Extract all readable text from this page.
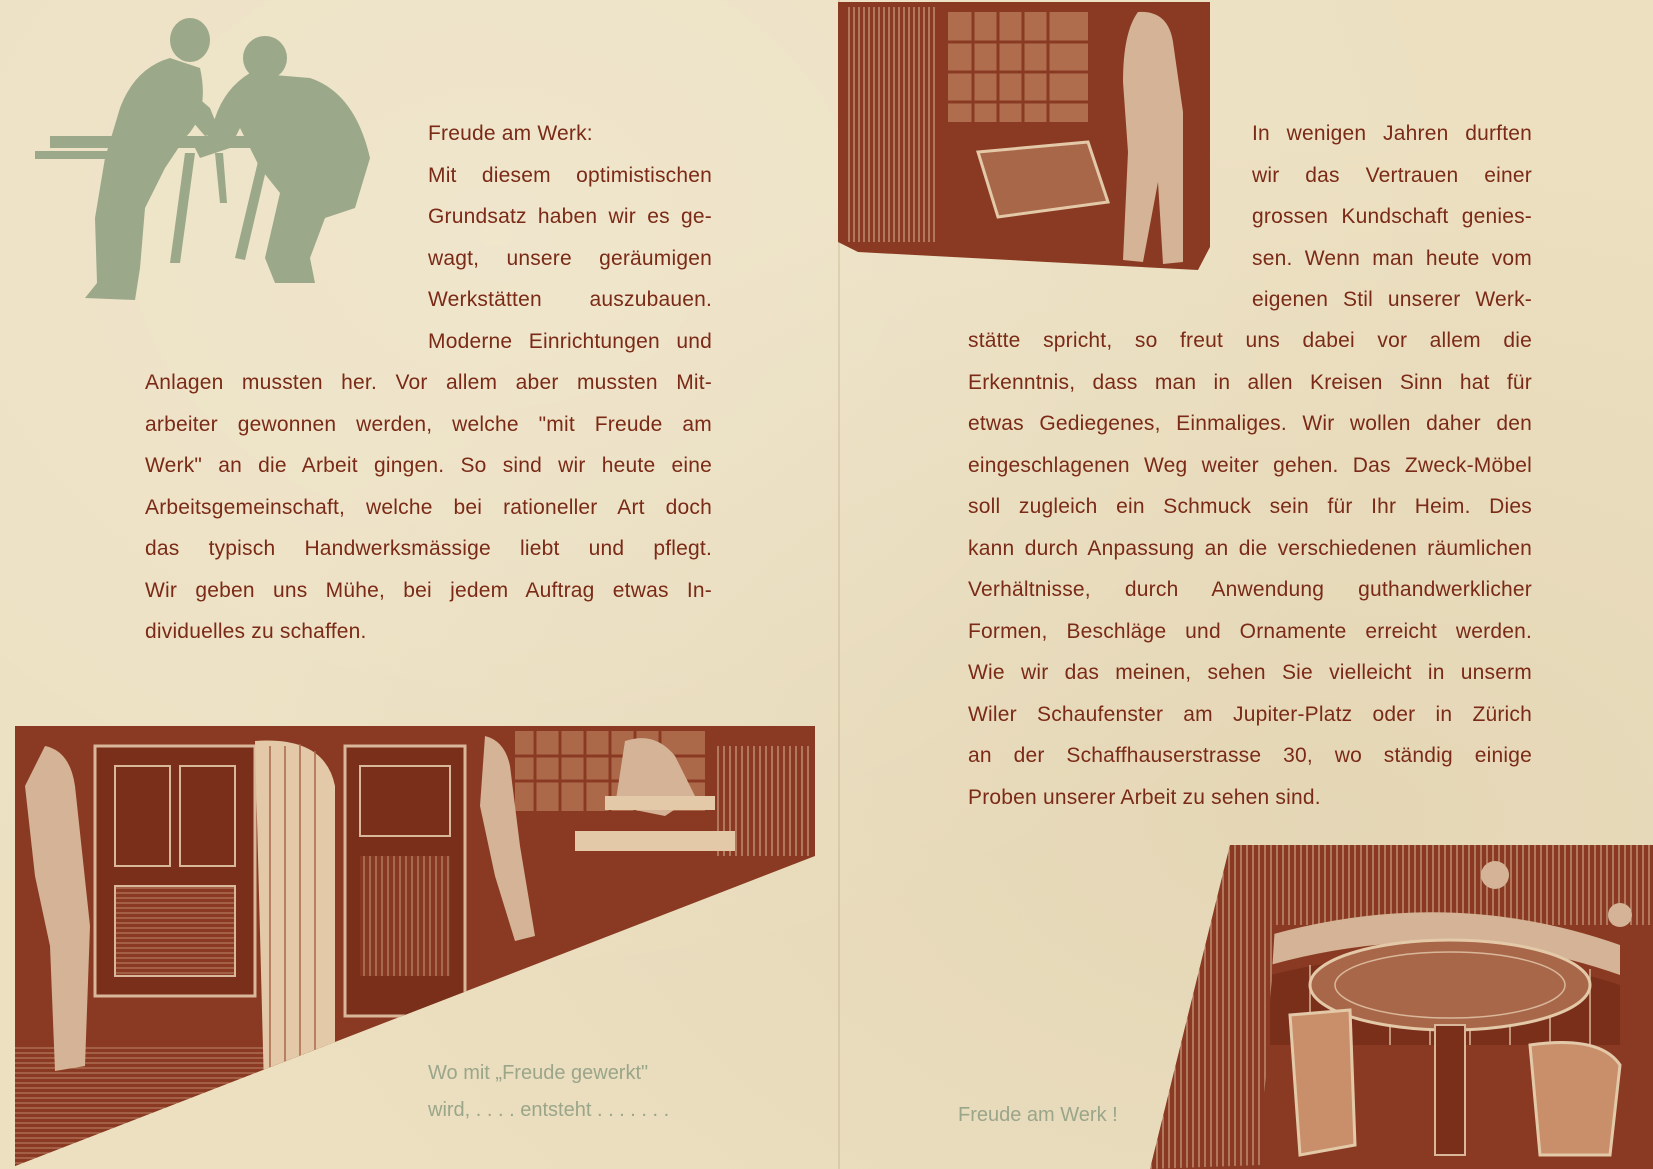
Freude am Werk:

Mit diesem optimistischen

Grundsatz haben wir es ge-

wagt, unsere geräumigen

Werkstätten auszubauen.

Moderne Einrichtungen und

Anlagen mussten her. Vor allem aber mussten Mit-

arbeiter gewonnen werden, welche "mit Freude am

Werk" an die Arbeit gingen. So sind wir heute eine

Arbeitsgemeinschaft, welche bei rationeller Art doch

das typisch Handwerksmässige liebt und pflegt.

Wir geben uns Mühe, bei jedem Auftrag etwas In-

dividuelles zu schaffen.

Wo mit „Freude gewerkt"
wird, . . . . entsteht . . . . . . .

In wenigen Jahren durften

wir das Vertrauen einer

grossen Kundschaft genies-

sen. Wenn man heute vom

eigenen Stil unserer Werk-

stätte spricht, so freut uns dabei vor allem die

Erkenntnis, dass man in allen Kreisen Sinn hat für

etwas Gediegenes, Einmaliges. Wir wollen daher den

eingeschlagenen Weg weiter gehen. Das Zweck-Möbel

soll zugleich ein Schmuck sein für Ihr Heim. Dies

kann durch Anpassung an die verschiedenen räumlichen

Verhältnisse, durch Anwendung guthandwerklicher

Formen, Beschläge und Ornamente erreicht werden.

Wie wir das meinen, sehen Sie vielleicht in unserm

Wiler Schaufenster am Jupiter-Platz oder in Zürich

an der Schaffhauserstrasse 30, wo ständig einige

Proben unserer Arbeit zu sehen sind.

Freude am Werk !
